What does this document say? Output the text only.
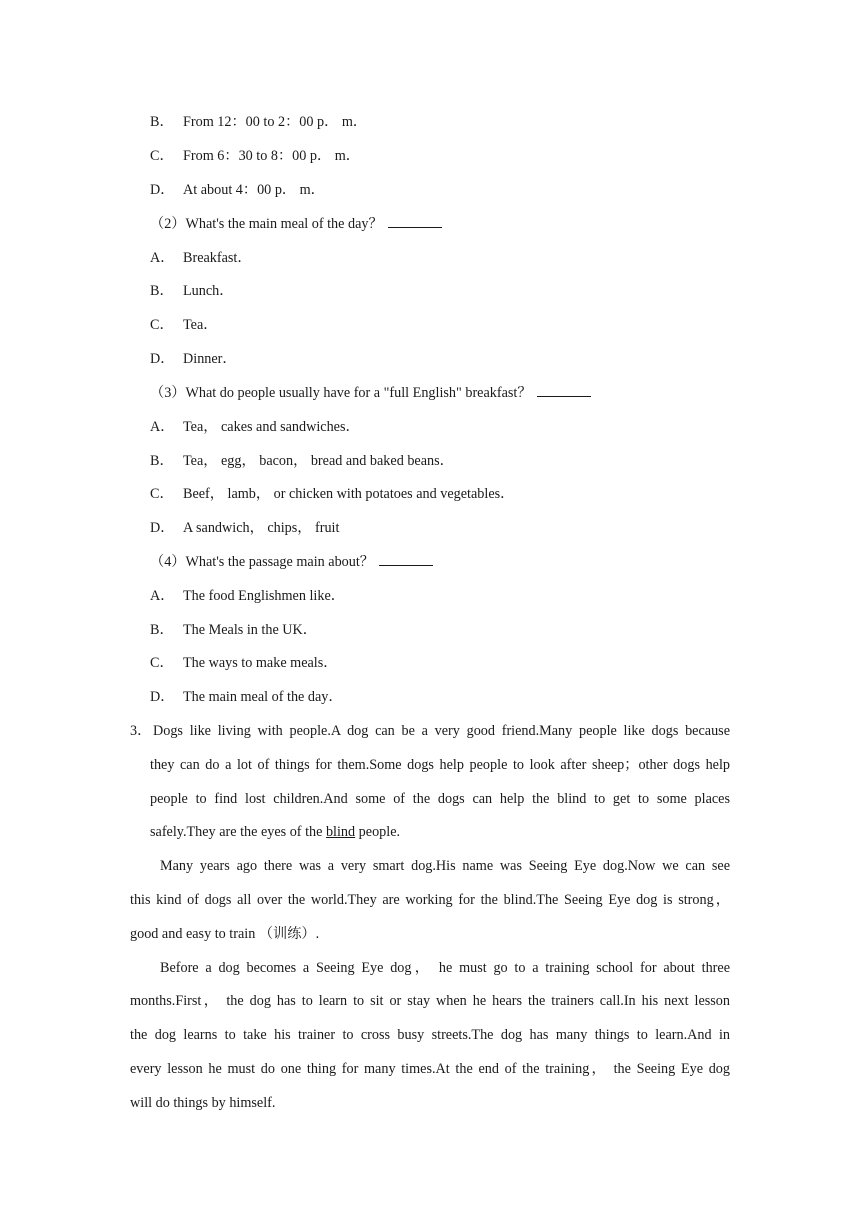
B． From 12：00 to 2：00 p． m．
C． From 6：30 to 8：00 p． m．
D． At about 4：00 p． m．
（2）What's the main meal of the day？
A． Breakfast．
B． Lunch．
C． Tea．
D． Dinner．
（3）What do people usually have for a "full English" breakfast？
A． Tea， cakes and sandwiches．
B． Tea， egg， bacon， bread and baked beans．
C． Beef， lamb， or chicken with potatoes and vegetables．
D． A sandwich， chips， fruit
（4）What's the passage main about？
A． The food Englishmen like．
B． The Meals in the UK．
C． The ways to make meals．
D． The main meal of the day．
3． Dogs like living with people.A dog can be a very good friend.Many people like dogs because
they can do a lot of things for them.Some dogs help people to look after sheep；other dogs help
people to find lost children.And some of the dogs can help the blind to get to some places
safely.They are the eyes of the blind people.
Many years ago there was a very smart dog.His name was Seeing Eye dog.Now we can see
this kind of dogs all over the world.They are working for the blind.The Seeing Eye dog is strong，
good and easy to train （训练）.
Before a dog becomes a Seeing Eye dog， he must go to a training school for about three
months.First， the dog has to learn to sit or stay when he hears the trainers call.In his next lesson
the dog learns to take his trainer to cross busy streets.The dog has many things to learn.And in
every lesson he must do one thing for many times.At the end of the training， the Seeing Eye dog
will do things by himself.
